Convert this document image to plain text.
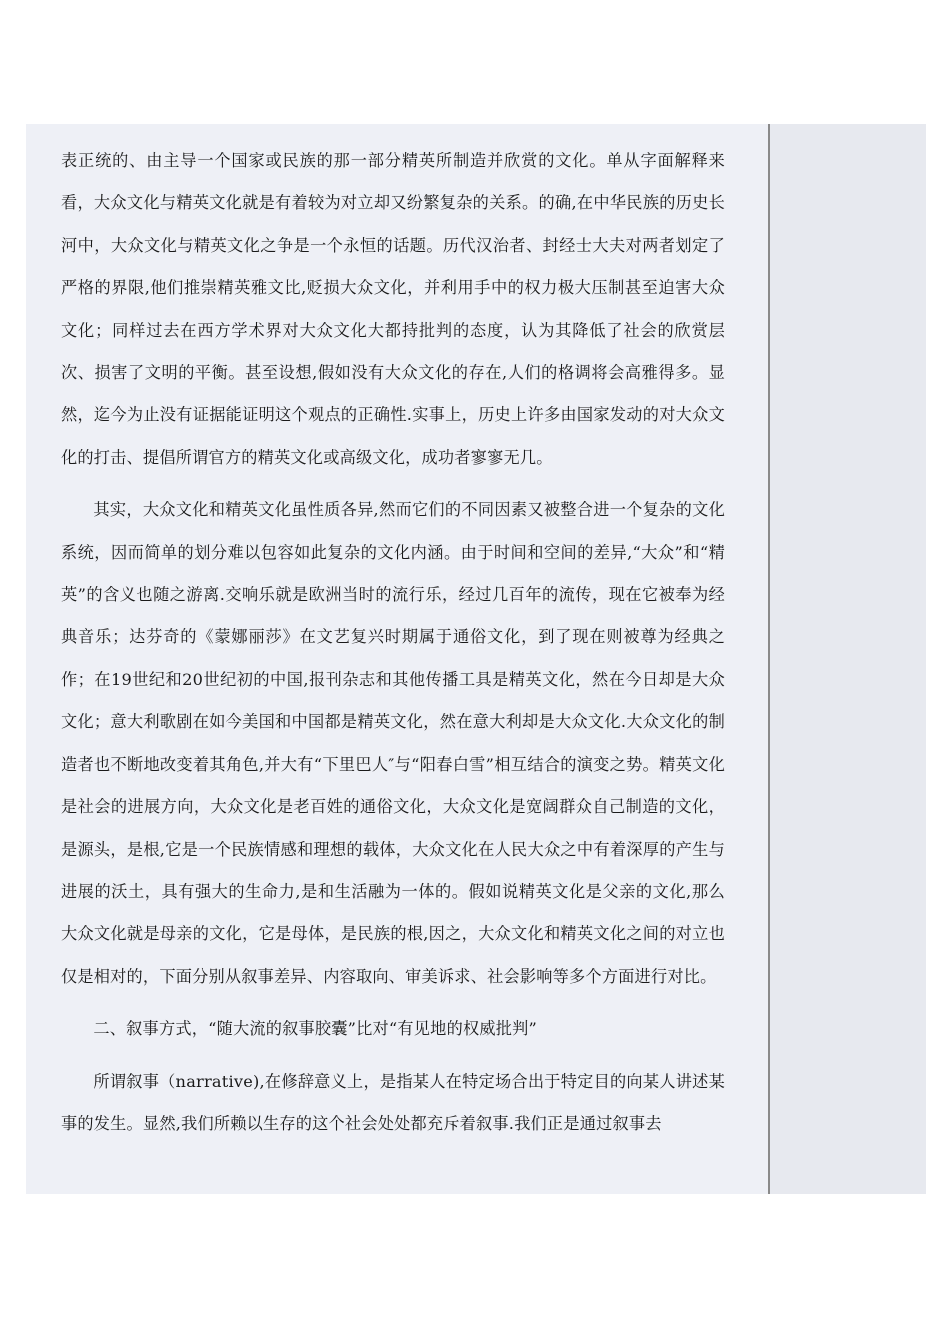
表正统的、由主导一个国家或民族的那一部分精英所制造并欣赏的文化。单从字面解释来看，大众文化与精英文化就是有着较为对立却又纷繁复杂的关系。的确,在中华民族的历史长河中，大众文化与精英文化之争是一个永恒的话题。历代汉治者、封经士大夫对两者划定了严格的界限,他们推崇精英雅文比,贬损大众文化，并利用手中的权力极大压制甚至迫害大众文化；同样过去在西方学术界对大众文化大都持批判的态度，认为其降低了社会的欣赏层次、损害了文明的平衡。甚至设想,假如没有大众文化的存在,人们的格调将会高雅得多。显然，迄今为止没有证据能证明这个观点的正确性.实事上，历史上许多由国家发动的对大众文化的打击、提倡所谓官方的精英文化或高级文化，成功者寥寥无几。

其实，大众文化和精英文化虽性质各异,然而它们的不同因素又被整合进一个复杂的文化系统，因而简单的划分难以包容如此复杂的文化内涵。由于时间和空间的差异,“大众”和“精英”的含义也随之游离.交响乐就是欧洲当时的流行乐，经过几百年的流传，现在它被奉为经典音乐；达芬奇的《蒙娜丽莎》在文艺复兴时期属于通俗文化，到了现在则被尊为经典之作；在19世纪和20世纪初的中国,报刊杂志和其他传播工具是精英文化，然在今日却是大众文化；意大利歌剧在如今美国和中国都是精英文化，然在意大利却是大众文化.大众文化的制造者也不断地改变着其角色,并大有“下里巴人″与“阳春白雪”相互结合的演变之势。精英文化是社会的进展方向，大众文化是老百姓的通俗文化，大众文化是宽阔群众自己制造的文化，是源头，是根,它是一个民族情感和理想的载体，大众文化在人民大众之中有着深厚的产生与进展的沃土，具有强大的生命力,是和生活融为一体的。假如说精英文化是父亲的文化,那么大众文化就是母亲的文化，它是母体，是民族的根,因之，大众文化和精英文化之间的对立也仅是相对的，下面分别从叙事差异、内容取向、审美诉求、社会影响等多个方面进行对比。

二、叙事方式，“随大流的叙事胶囊”比对“有见地的权威批判”

所谓叙事（narrative),在修辞意义上，是指某人在特定场合出于特定目的向某人讲述某事的发生。显然,我们所赖以生存的这个社会处处都充斥着叙事.我们正是通过叙事去
